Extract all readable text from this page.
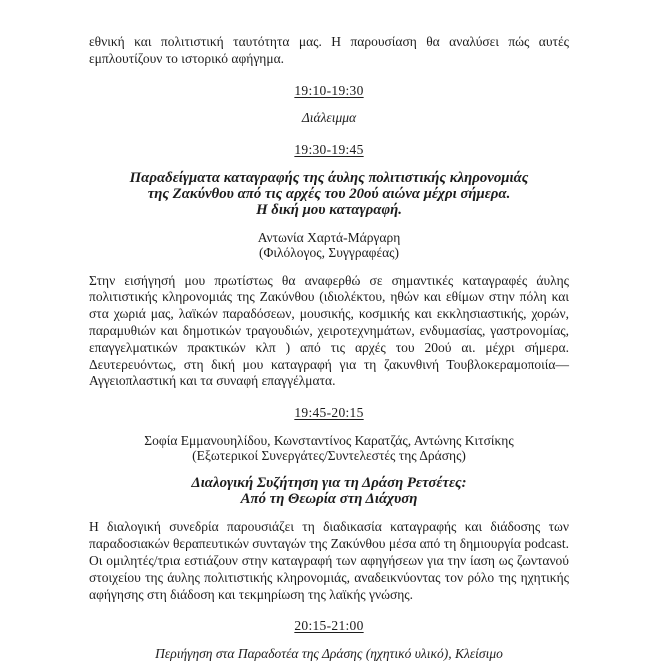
εθνική και πολιτιστική ταυτότητα μας. Η παρουσίαση θα αναλύσει πώς αυτές εμπλουτίζουν το ιστορικό αφήγημα.

19:10-19:30
Διάλειμμα
19:30-19:45
Παραδείγματα καταγραφής της άυλης πολιτιστικής κληρονομιάς
της Ζακύνθου από τις αρχές του 20ού αιώνα μέχρι σήμερα.
Η δική μου καταγραφή.
Αντωνία Χαρτά-Μάργαρη
(Φιλόλογος, Συγγραφέας)

Στην εισήγησή μου πρωτίστως θα αναφερθώ σε σημαντικές καταγραφές άυλης πολιτιστικής κληρονομιάς της Ζακύνθου (ιδιολέκτου, ηθών και εθίμων στην πόλη και στα χωριά μας, λαϊκών παραδόσεων, μουσικής, κοσμικής και εκκλησιαστικής, χορών, παραμυθιών και δημοτικών τραγουδιών, χειροτεχνημάτων, ενδυμασίας, γαστρονομίας, επαγγελματικών πρακτικών κλπ ) από τις αρχές του 20ού αι. μέχρι σήμερα. Δευτερευόντως, στη δική μου καταγραφή για τη ζακυνθινή Τουβλοκεραμοποιία—Αγγειοπλαστική και τα συναφή επαγγέλματα.

19:45-20:15
Σοφία Εμμανουηλίδου, Κωνσταντίνος Καρατζάς, Αντώνης Κιτσίκης
(Εξωτερικοί Συνεργάτες/Συντελεστές της Δράσης)
Διαλογική Συζήτηση για τη Δράση Ρετσέτες:
Από τη Θεωρία στη Διάχυση

Η διαλογική συνεδρία παρουσιάζει τη διαδικασία καταγραφής και διάδοσης των παραδοσιακών θεραπευτικών συνταγών της Ζακύνθου μέσα από τη δημιουργία podcast. Οι ομιλητές/τρια εστιάζουν στην καταγραφή των αφηγήσεων για την ίαση ως ζωντανού στοιχείου της άυλης πολιτιστικής κληρονομιάς, αναδεικνύοντας τον ρόλο της ηχητικής αφήγησης στη διάδοση και τεκμηρίωση της λαϊκής γνώσης.

20:15-21:00
Περιήγηση στα Παραδοτέα της Δράσης (ηχητικό υλικό), Κλείσιμο
